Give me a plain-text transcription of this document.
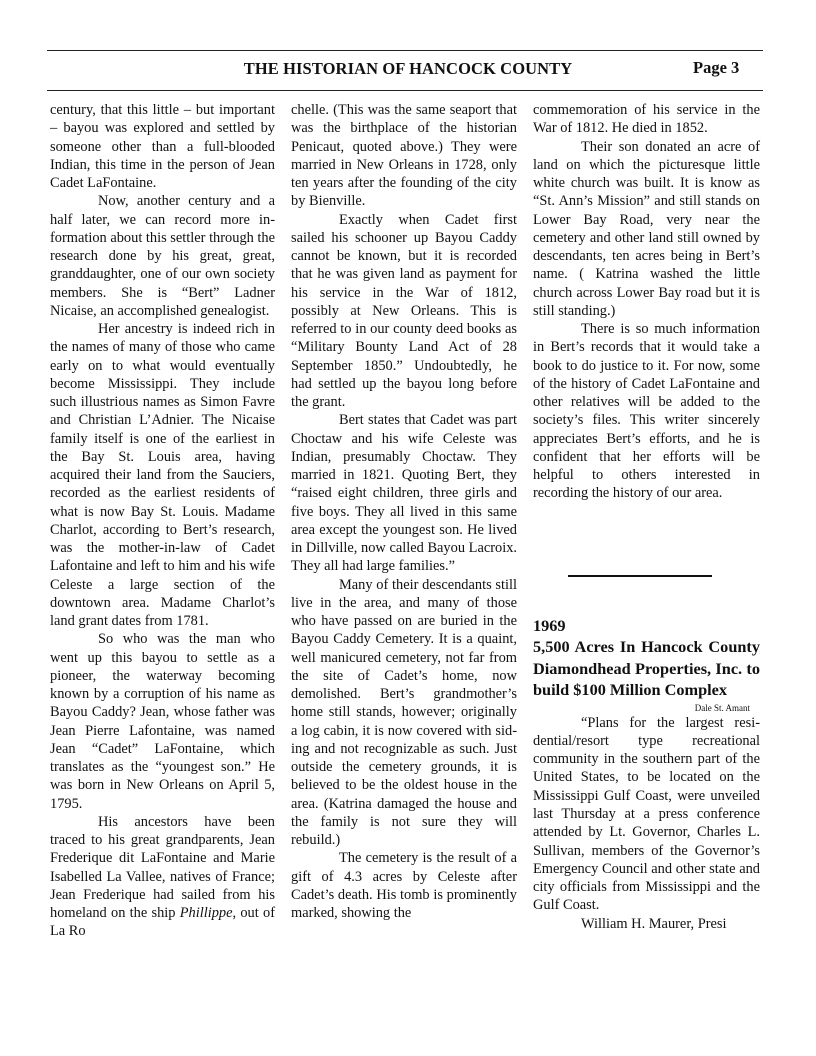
THE HISTORIAN OF HANCOCK COUNTY	Page 3

century, that this little – but important – bayou was explored and settled by someone other than a full-blooded Indian, this time in the person of Jean Cadet LaFontaine.

Now, another century and a half later, we can record more information about this settler through the research done by his great, great, granddaughter, one of our own society members. She is “Bert” Ladner Nicaise, an accomplished genealogist.

Her ancestry is indeed rich in the names of many of those who came early on to what would eventually become Mississippi. They include such illustrious names as Simon Favre and Christian L’Adnier. The Nicaise family itself is one of the earliest in the Bay St. Louis area, having acquired their land from the Sauciers, recorded as the earliest residents of what is now Bay St. Louis. Madame Charlot, according to Bert’s research, was the mother-in-law of Cadet Lafontaine and left to him and his wife Celeste a large section of the downtown area. Madame Charlot’s land grant dates from 1781.

So who was the man who went up this bayou to settle as a pioneer, the waterway becoming known by a corruption of his name as Bayou Caddy? Jean, whose father was Jean Pierre Lafontaine, was named Jean “Cadet” LaFontaine, which translates as the “youngest son.” He was born in New Orleans on April 5, 1795.

His ancestors have been traced to his great grandparents, Jean Frederique dit LaFontaine and Marie Isabelled La Vallee, natives of France; Jean Frederique had sailed from his homeland on the ship Phillippe, out of La Ro

chelle. (This was the same seaport that was the birthplace of the historian Penicaut, quoted above.) They were married in New Orleans in 1728, only ten years after the founding of the city by Bienville.

Exactly when Cadet first sailed his schooner up Bayou Caddy cannot be known, but it is recorded that he was given land as payment for his service in the War of 1812, possibly at New Orleans. This is referred to in our county deed books as “Military Bounty Land Act of 28 September 1850.” Undoubtedly, he had settled up the bayou long before the grant.

Bert states that Cadet was part Choctaw and his wife Celeste was Indian, presumably Choctaw. They married in 1821. Quoting Bert, they “raised eight children, three girls and five boys. They all lived in this same area except the youngest son. He lived in Dillville, now called Bayou Lacroix. They all had large families.”

Many of their descendants still live in the area, and many of those who have passed on are buried in the Bayou Caddy Cemetery. It is a quaint, well manicured cemetery, not far from the site of Cadet’s home, now demolished. Bert’s grandmother’s home still stands, however; originally a log cabin, it is now covered with siding and not recognizable as such. Just outside the cemetery grounds, it is believed to be the oldest house in the area. (Katrina damaged the house and the family is not sure they will rebuild.)

The cemetery is the result of a gift of 4.3 acres by Celeste after Cadet’s death. His tomb is prominently marked, showing the

commemoration of his service in the War of 1812. He died in 1852.

Their son donated an acre of land on which the picturesque little white church was built. It is know as “St. Ann’s Mission” and still stands on Lower Bay Road, very near the cemetery and other land still owned by descendants, ten acres being in Bert’s name. ( Katrina washed the little church across Lower Bay road but it is still standing.)

There is so much information in Bert’s records that it would take a book to do justice to it. For now, some of the history of Cadet LaFontaine and other relatives will be added to the society’s files. This writer sincerely appreciates Bert’s efforts, and he is confident that her efforts will be helpful to others interested in recording the history of our area.

1969

5,500 Acres In Hancock County Diamondhead Properties, Inc. to build $100 Million Complex

Dale St. Amant

“Plans for the largest residential/resort type recreational community in the southern part of the United States, to be located on the Mississippi Gulf Coast, were unveiled last Thursday at a press conference attended by Lt. Governor, Charles L. Sullivan, members of the Governor’s Emergency Council and other state and city officials from Mississippi and the Gulf Coast.

William H. Maurer, Presi
